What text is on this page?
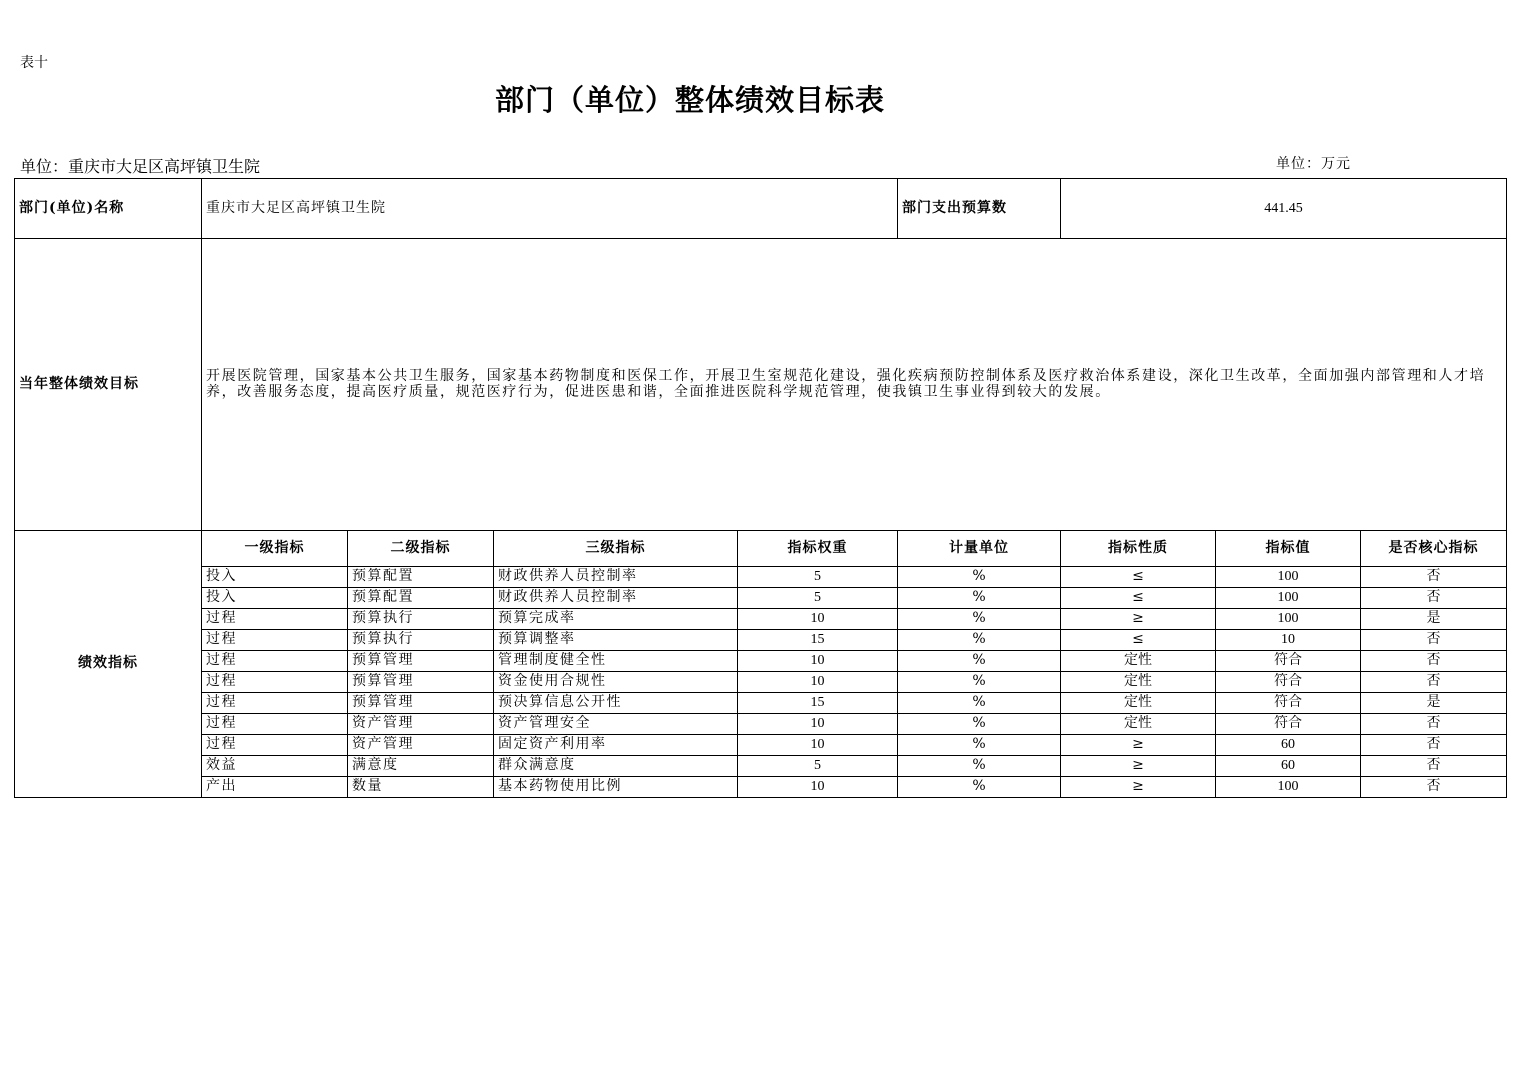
表十
部门（单位）整体绩效目标表
单位：重庆市大足区高坪镇卫生院	单位：万元
部门(单位)名称	重庆市大足区高坪镇卫生院				部门支出预算数	441.45		
当年整体绩效目标	开展医院管理，国家基本公共卫生服务，国家基本药物制度和医保工作，开展卫生室规范化建设，强化疾病预防控制体系及医疗救治体系建设，深化卫生改革，全面加强内部管理和人才培养，改善服务态度，提高医疗质量，规范医疗行为，促进医患和谐，全面推进医院科学规范管理，使我镇卫生事业得到较大的发展。							
绩效指标	一级指标	二级指标	三级指标	指标权重	计量单位	指标性质	指标值	是否核心指标
	投入	预算配置	财政供养人员控制率	5	%	≤	100	否
	投入	预算配置	财政供养人员控制率	5	%	≤	100	否
	过程	预算执行	预算完成率	10	%	≥	100	是
	过程	预算执行	预算调整率	15	%	≤	10	否
	过程	预算管理	管理制度健全性	10	%	定性	符合	否
	过程	预算管理	资金使用合规性	10	%	定性	符合	否
	过程	预算管理	预决算信息公开性	15	%	定性	符合	是
	过程	资产管理	资产管理安全	10	%	定性	符合	否
	过程	资产管理	固定资产利用率	10	%	≥	60	否
	效益	满意度	群众满意度	5	%	≥	60	否
	产出	数量	基本药物使用比例	10	%	≥	100	否
